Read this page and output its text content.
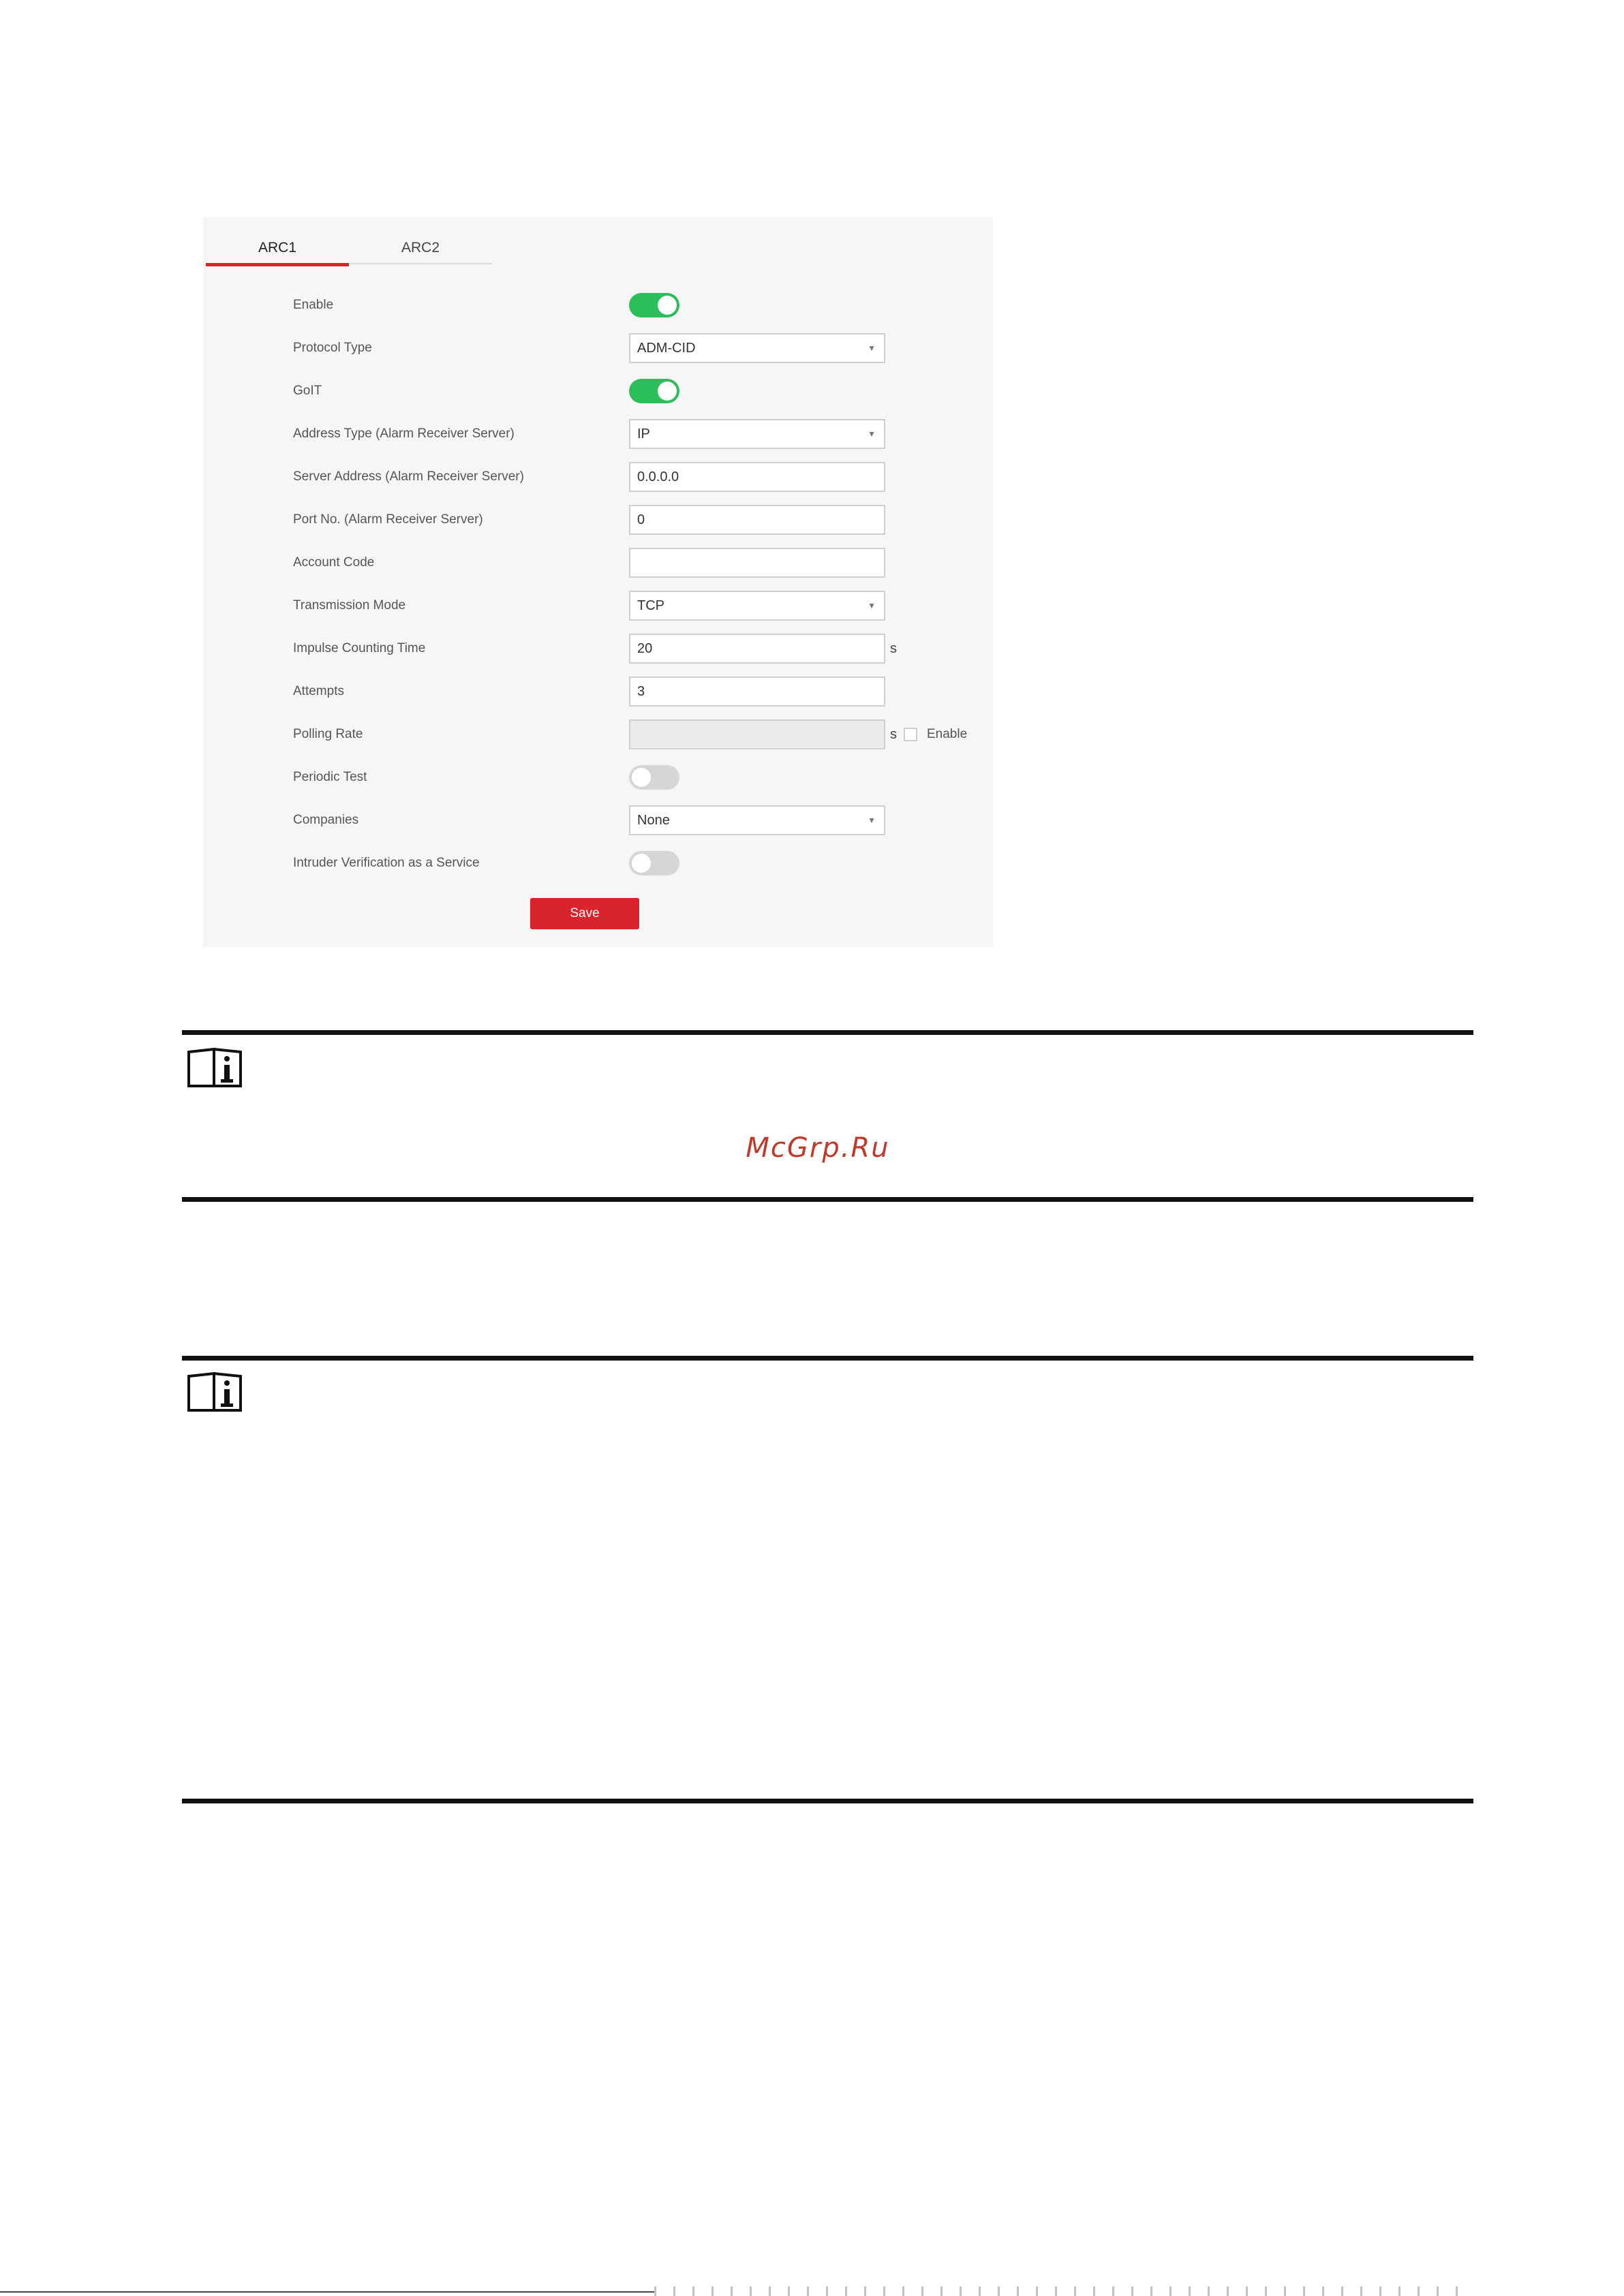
ARC1	ARC2
Enable
Protocol Type	ADM-CID	▼
GoIT
Address Type (Alarm Receiver Server)	IP	▼
Server Address (Alarm Receiver Server)	0.0.0.0
Port No. (Alarm Receiver Server)	0
Account Code
Transmission Mode	TCP	▼
Impulse Counting Time	20	s
Attempts	3
Polling Rate	s Enable
Periodic Test
Companies	None	▼
Intruder Verification as a Service
Save
McGrp.Ru
